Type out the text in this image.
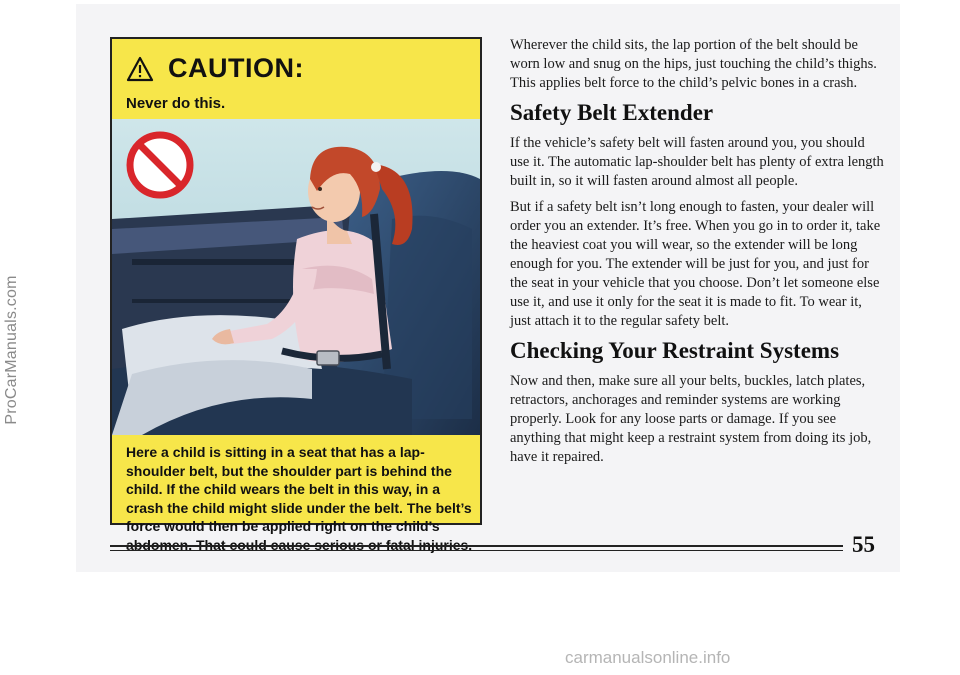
ProCarManuals.com
CAUTION:
Never do this.

Here a child is sitting in a seat that has a lap-shoulder belt, but the shoulder part is behind the child. If the child wears the belt in this way, in a crash the child might slide under the belt. The belt’s force would then be applied right on the child’s abdomen. That could cause serious or fatal injuries.

Wherever the child sits, the lap portion of the belt should be worn low and snug on the hips, just touching the child’s thighs. This applies belt force to the child’s pelvic bones in a crash.

Safety Belt Extender

If the vehicle’s safety belt will fasten around you, you should use it. The automatic lap-shoulder belt has plenty of extra length built in, so it will fasten around almost all people.

But if a safety belt isn’t long enough to fasten, your dealer will order you an extender. It’s free. When you go in to order it, take the heaviest coat you will wear, so the extender will be long enough for you. The extender will be just for you, and just for the seat in your vehicle that you choose. Don’t let someone else use it, and use it only for the seat it is made to fit. To wear it, just attach it to the regular safety belt.

Checking Your Restraint Systems

Now and then, make sure all your belts, buckles, latch plates, retractors, anchorages and reminder systems are working properly. Look for any loose parts or damage. If you see anything that might keep a restraint system from doing its job, have it repaired.

55
carmanualsonline.info
